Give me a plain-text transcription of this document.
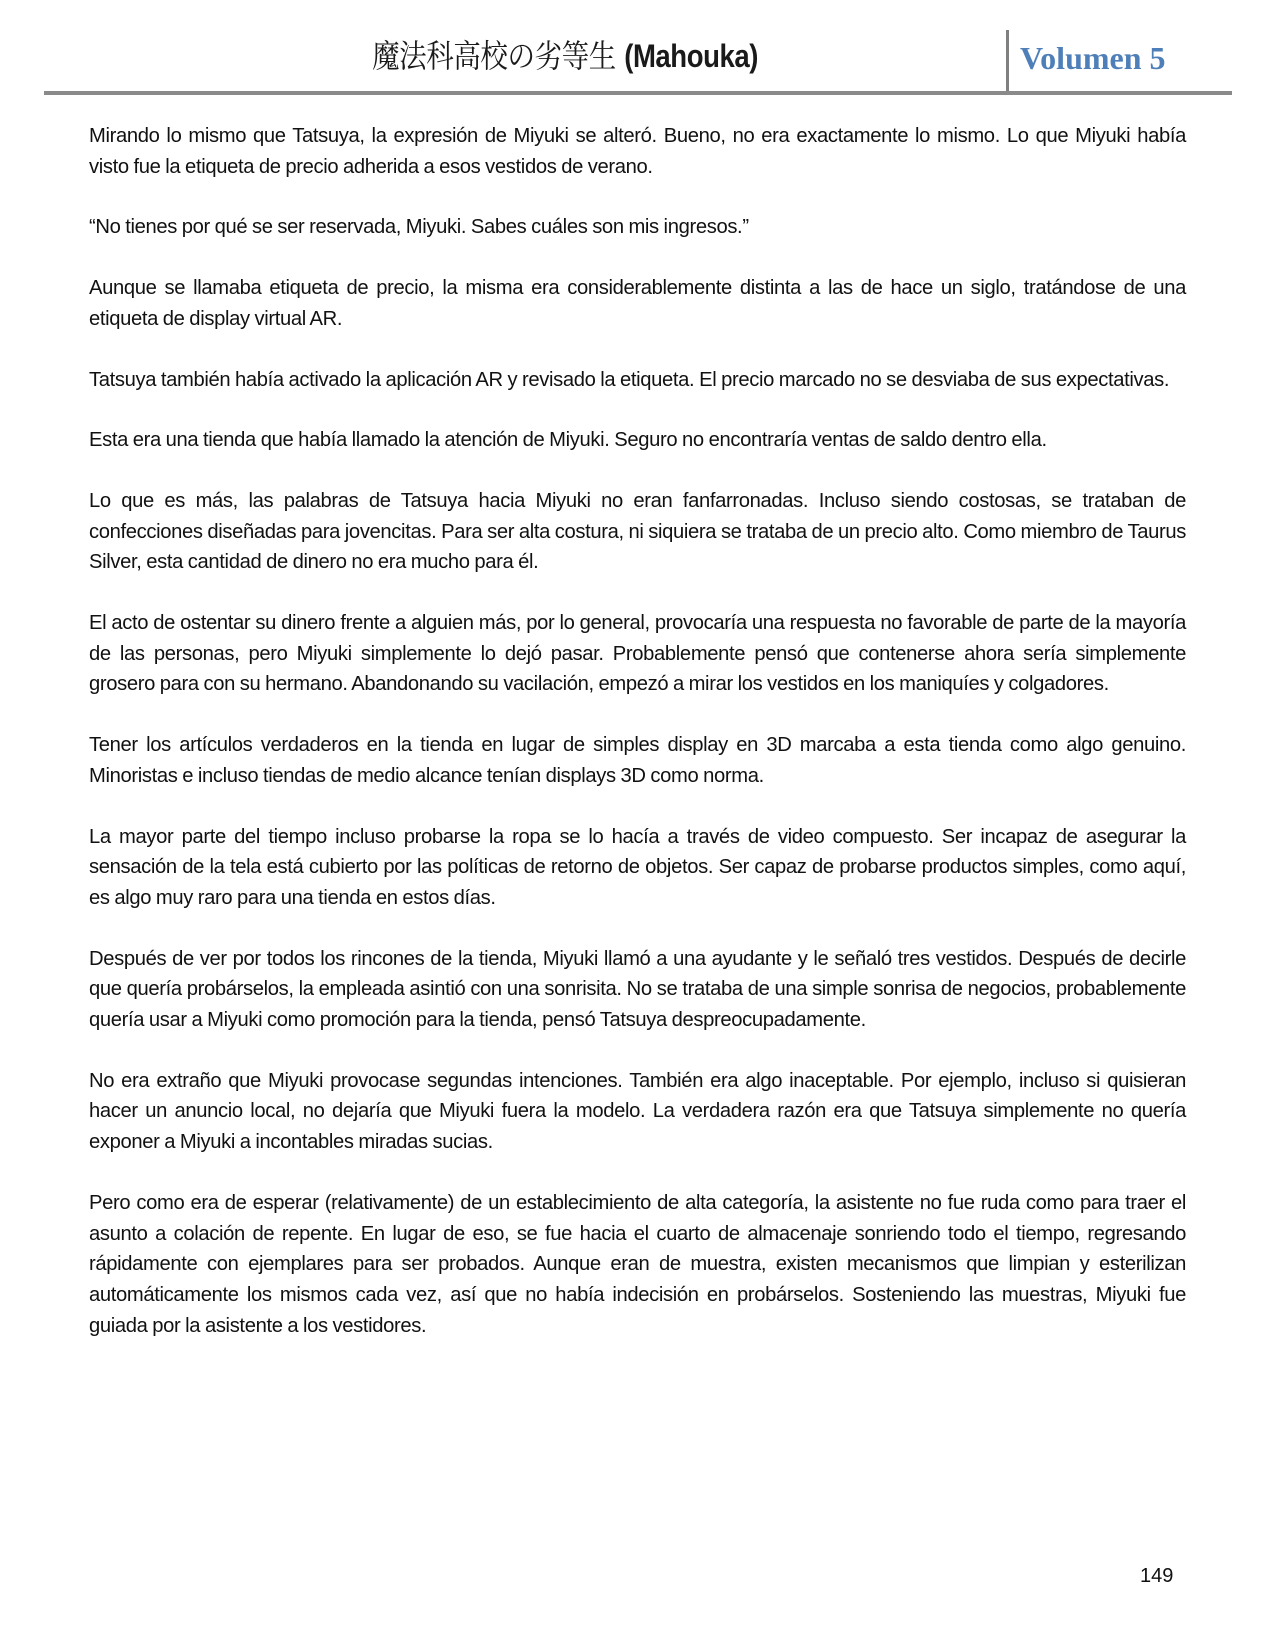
魔法科高校の劣等生 (Mahouka)	Volumen 5

Mirando lo mismo que Tatsuya, la expresión de Miyuki se alteró. Bueno, no era exactamente lo mismo. Lo que Miyuki había visto fue la etiqueta de precio adherida a esos vestidos de verano.

“No tienes por qué se ser reservada, Miyuki. Sabes cuáles son mis ingresos.”

Aunque se llamaba etiqueta de precio, la misma era considerablemente distinta a las de hace un siglo, tratándose de una etiqueta de display virtual AR.

Tatsuya también había activado la aplicación AR y revisado la etiqueta. El precio marcado no se desviaba de sus expectativas.

Esta era una tienda que había llamado la atención de Miyuki. Seguro no encontraría ventas de saldo dentro ella.

Lo que es más, las palabras de Tatsuya hacia Miyuki no eran fanfarronadas. Incluso siendo costosas, se trataban de confecciones diseñadas para jovencitas. Para ser alta costura, ni siquiera se trataba de un precio alto. Como miembro de Taurus Silver, esta cantidad de dinero no era mucho para él.

El acto de ostentar su dinero frente a alguien más, por lo general, provocaría una respuesta no favorable de parte de la mayoría de las personas, pero Miyuki simplemente lo dejó pasar. Probablemente pensó que contenerse ahora sería simplemente grosero para con su hermano. Abandonando su vacilación, empezó a mirar los vestidos en los maniquíes y colgadores.

Tener los artículos verdaderos en la tienda en lugar de simples display en 3D marcaba a esta tienda como algo genuino. Minoristas e incluso tiendas de medio alcance tenían displays 3D como norma.

La mayor parte del tiempo incluso probarse la ropa se lo hacía a través de video compuesto. Ser incapaz de asegurar la sensación de la tela está cubierto por las políticas de retorno de objetos. Ser capaz de probarse productos simples, como aquí, es algo muy raro para una tienda en estos días.

Después de ver por todos los rincones de la tienda, Miyuki llamó a una ayudante y le señaló tres vestidos. Después de decirle que quería probárselos, la empleada asintió con una sonrisita. No se trataba de una simple sonrisa de negocios, probablemente quería usar a Miyuki como promoción para la tienda, pensó Tatsuya despreocupadamente.

No era extraño que Miyuki provocase segundas intenciones. También era algo inaceptable. Por ejemplo, incluso si quisieran hacer un anuncio local, no dejaría que Miyuki fuera la modelo. La verdadera razón era que Tatsuya simplemente no quería exponer a Miyuki a incontables miradas sucias.

Pero como era de esperar (relativamente) de un establecimiento de alta categoría, la asistente no fue ruda como para traer el asunto a colación de repente. En lugar de eso, se fue hacia el cuarto de almacenaje sonriendo todo el tiempo, regresando rápidamente con ejemplares para ser probados. Aunque eran de muestra, existen mecanismos que limpian y esterilizan automáticamente los mismos cada vez, así que no había indecisión en probárselos. Sosteniendo las muestras, Miyuki fue guiada por la asistente a los vestidores.

149
